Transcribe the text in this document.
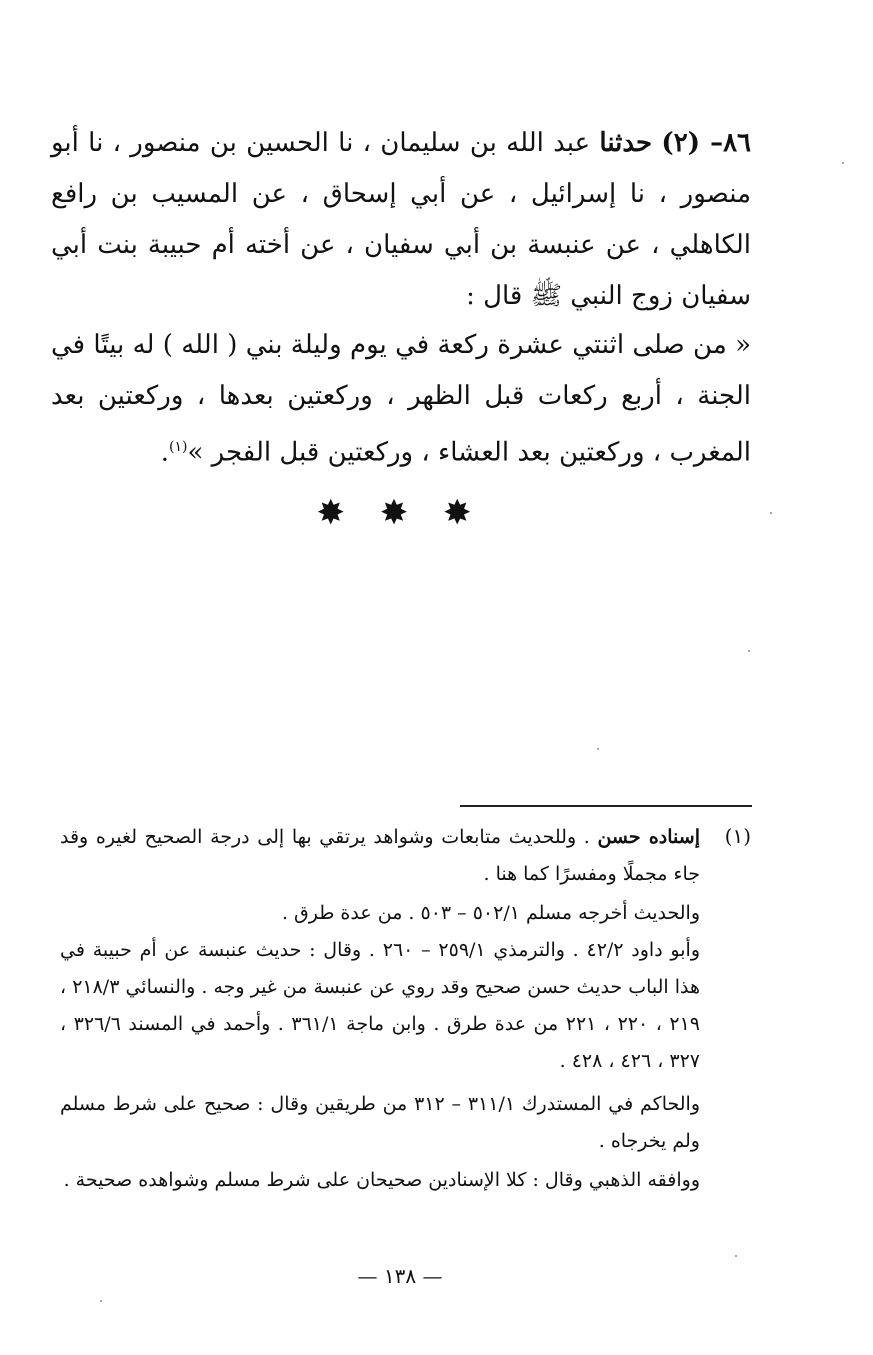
٨٦– (٢) حدثنا عبد الله بن سليمان ، نا الحسين بن منصور ، نا أبو منصور ، نا إسرائيل ، عن أبي إسحاق ، عن المسيب بن رافع الكاهلي ، عن عنبسة بن أبي سفيان ، عن أخته أم حبيبة بنت أبي سفيان زوج النبي ﷺ قال :
« من صلى اثنتي عشرة ركعة في يوم وليلة بني ( الله ) له بيتًا في الجنة ، أربع ركعات قبل الظهر ، وركعتين بعدها ، وركعتين بعد المغرب ، وركعتين بعد العشاء ، وركعتين قبل الفجر »$^{(١)}$.
✸ ✸ ✸
(١)
إسناده حسن . وللحديث متابعات وشواهد يرتقي بها إلى درجة الصحيح لغيره وقد جاء مجملًا ومفسرًا كما هنا .
والحديث أخرجه مسلم ٥٠٢/١ – ٥٠٣ . من عدة طرق .
وأبو داود ٤٢/٢ . والترمذي ٢٥٩/١ – ٢٦٠ . وقال : حديث عنبسة عن أم حبيبة في هذا الباب حديث حسن صحيح وقد روي عن عنبسة من غير وجه . والنسائي ٢١٨/٣ ، ٢١٩ ، ٢٢٠ ، ٢٢١ من عدة طرق . وابن ماجة ٣٦١/١ . وأحمد في المسند ٣٢٦/٦ ، ٣٢٧ ، ٤٢٦ ، ٤٢٨ .
والحاكم في المستدرك ٣١١/١ – ٣١٢ من طريقين وقال : صحيح على شرط مسلم ولم يخرجاه .
ووافقه الذهبي وقال : كلا الإسنادين صحيحان على شرط مسلم وشواهده صحيحة .
— ١٣٨ —
